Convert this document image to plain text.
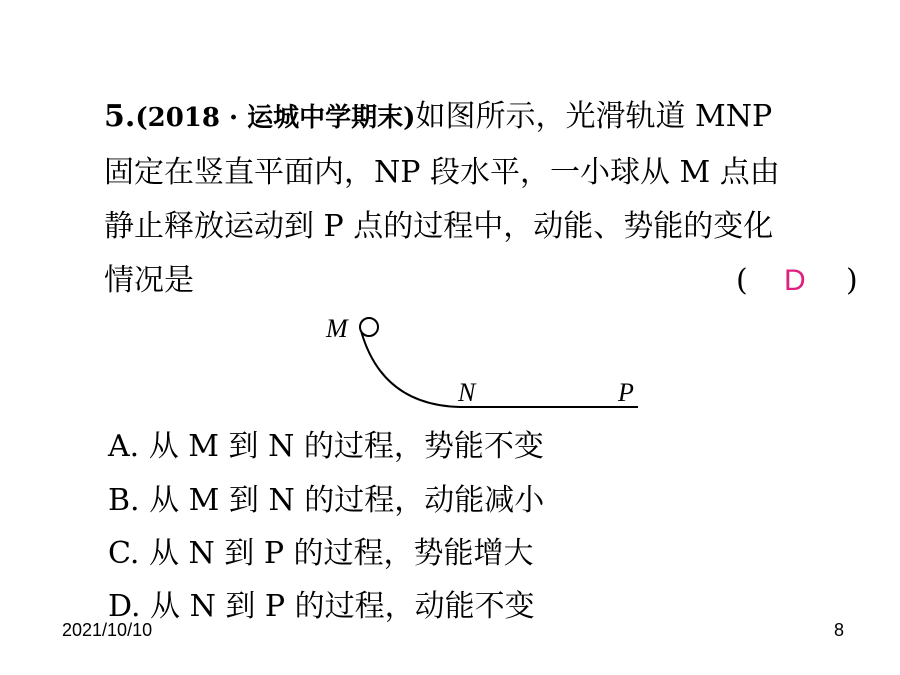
5.(2018 · 运城中学期末)如图所示，光滑轨道 MNP
固定在竖直平面内，NP 段水平，一小球从 M 点由
静止释放运动到 P 点的过程中，动能、势能的变化
情况是	( D )
M
N	P
A. 从 M 到 N 的过程，势能不变
B. 从 M 到 N 的过程，动能减小
C. 从 N 到 P 的过程，势能增大
D. 从 N 到 P 的过程，动能不变
2021/10/10	8
